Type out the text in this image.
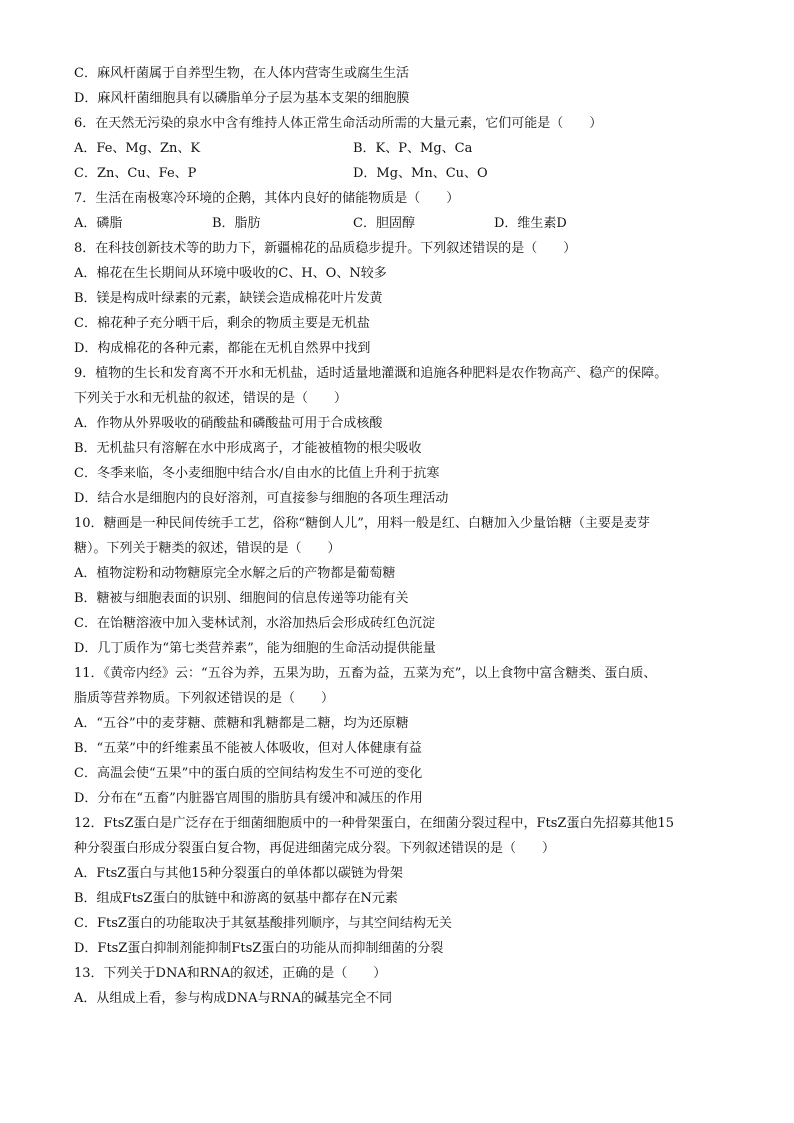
C．麻风杆菌属于自养型生物，在人体内营寄生或腐生生活
D．麻风杆菌细胞具有以磷脂单分子层为基本支架的细胞膜
6．在天然无污染的泉水中含有维持人体正常生命活动所需的大量元素，它们可能是（　　）
A．Fe、Mg、Zn、K	B．K、P、Mg、Ca
C．Zn、Cu、Fe、P	D．Mg、Mn、Cu、O
7．生活在南极寒冷环境的企鹅，其体内良好的储能物质是（　　）
A．磷脂	B．脂肪	C．胆固醇	D．维生素D
8．在科技创新技术等的助力下，新疆棉花的品质稳步提升。下列叙述错误的是（　　）
A．棉花在生长期间从环境中吸收的C、H、O、N较多
B．镁是构成叶绿素的元素，缺镁会造成棉花叶片发黄
C．棉花种子充分晒干后，剩余的物质主要是无机盐
D．构成棉花的各种元素，都能在无机自然界中找到
9．植物的生长和发育离不开水和无机盐，适时适量地灌溉和追施各种肥料是农作物高产、稳产的保障。
下列关于水和无机盐的叙述，错误的是（　　）
A．作物从外界吸收的硝酸盐和磷酸盐可用于合成核酸
B．无机盐只有溶解在水中形成离子，才能被植物的根尖吸收
C．冬季来临，冬小麦细胞中结合水/自由水的比值上升利于抗寒
D．结合水是细胞内的良好溶剂，可直接参与细胞的各项生理活动
10．糖画是一种民间传统手工艺，俗称“糖倒人儿”，用料一般是红、白糖加入少量饴糖（主要是麦芽
糖）。下列关于糖类的叙述，错误的是（　　）
A．植物淀粉和动物糖原完全水解之后的产物都是葡萄糖
B．糖被与细胞表面的识别、细胞间的信息传递等功能有关
C．在饴糖溶液中加入斐林试剂，水浴加热后会形成砖红色沉淀
D．几丁质作为“第七类营养素”，能为细胞的生命活动提供能量
11．《黄帝内经》云：“五谷为养，五果为助，五畜为益，五菜为充”，以上食物中富含糖类、蛋白质、
脂质等营养物质。下列叙述错误的是（　　）
A．“五谷”中的麦芽糖、蔗糖和乳糖都是二糖，均为还原糖
B．“五菜”中的纤维素虽不能被人体吸收，但对人体健康有益
C．高温会使“五果”中的蛋白质的空间结构发生不可逆的变化
D．分布在“五畜”内脏器官周围的脂肪具有缓冲和减压的作用
12．FtsZ蛋白是广泛存在于细菌细胞质中的一种骨架蛋白，在细菌分裂过程中，FtsZ蛋白先招募其他15
种分裂蛋白形成分裂蛋白复合物，再促进细菌完成分裂。下列叙述错误的是（　　）
A．FtsZ蛋白与其他15种分裂蛋白的单体都以碳链为骨架
B．组成FtsZ蛋白的肽链中和游离的氨基中都存在N元素
C．FtsZ蛋白的功能取决于其氨基酸排列顺序，与其空间结构无关
D．FtsZ蛋白抑制剂能抑制FtsZ蛋白的功能从而抑制细菌的分裂
13．下列关于DNA和RNA的叙述，正确的是（　　）
A．从组成上看，参与构成DNA与RNA的碱基完全不同
